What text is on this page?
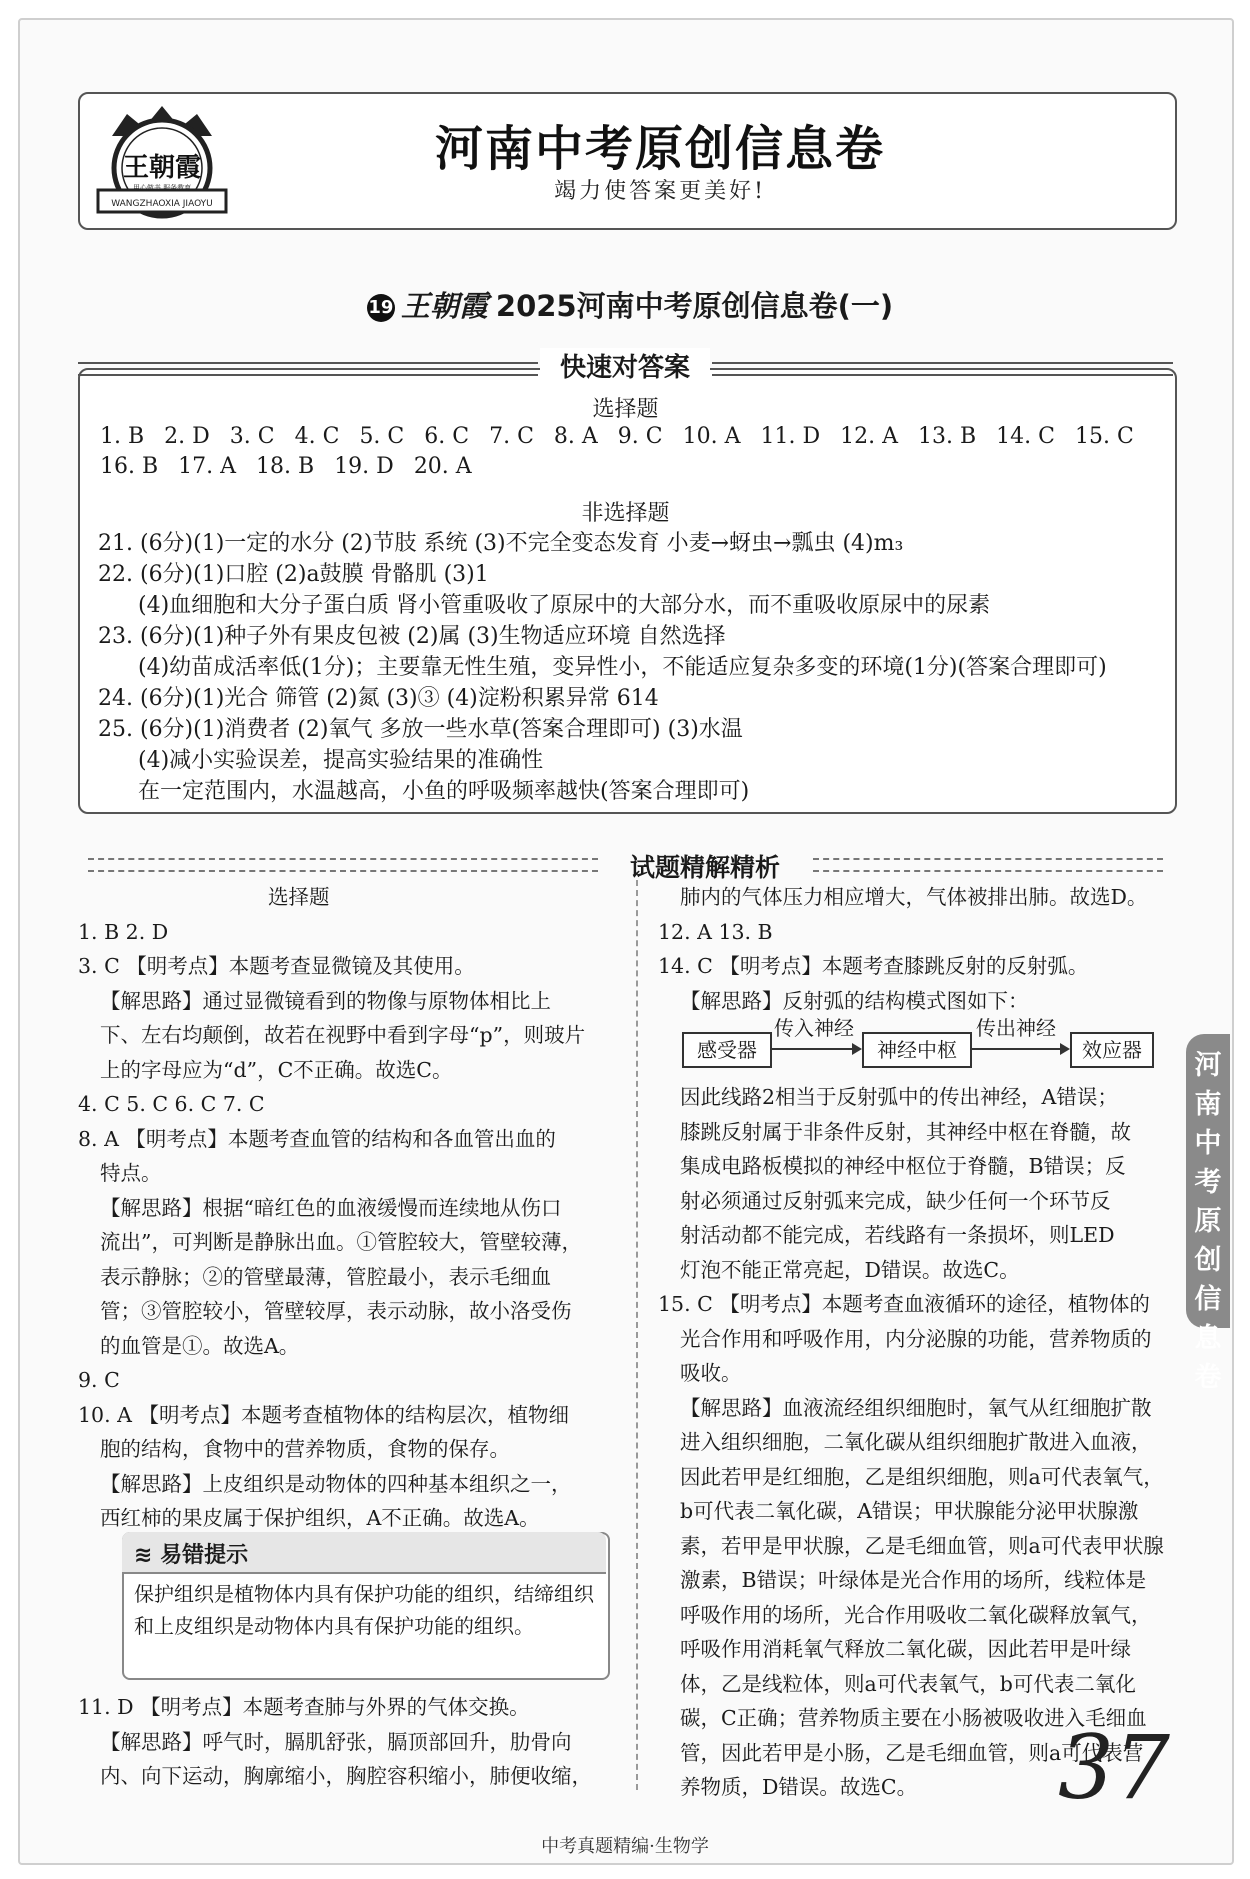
WANGZHAOXIA JIAOYU
王朝霞
用心做书 服务教育
河南中考原创信息卷
竭力使答案更美好!
19 王朝霞 2025河南中考原创信息卷(一)
快速对答案
选择题
1. B 2. D 3. C 4. C 5. C 6. C 7. C 8. A 9. C 10. A 11. D 12. A 13. B 14. C 15. C
16. B 17. A 18. B 19. D 20. A
非选择题
21. (6分)(1)一定的水分 (2)节肢 系统 (3)不完全变态发育 小麦→蚜虫→瓢虫 (4)m₃
22. (6分)(1)口腔 (2)a鼓膜 骨骼肌 (3)1
(4)血细胞和大分子蛋白质 肾小管重吸收了原尿中的大部分水，而不重吸收原尿中的尿素
23. (6分)(1)种子外有果皮包被 (2)属 (3)生物适应环境 自然选择
(4)幼苗成活率低(1分)；主要靠无性生殖，变异性小，不能适应复杂多变的环境(1分)(答案合理即可)
24. (6分)(1)光合 筛管 (2)氮 (3)③ (4)淀粉积累异常 614
25. (6分)(1)消费者 (2)氧气 多放一些水草(答案合理即可) (3)水温
(4)减小实验误差，提高实验结果的准确性
在一定范围内，水温越高，小鱼的呼吸频率越快(答案合理即可)
试题精解精析

选择题

1. B 2. D

3. C 【明考点】本题考查显微镜及其使用。

【解思路】通过显微镜看到的物像与原物体相比上

下、左右均颠倒，故若在视野中看到字母“p”，则玻片

上的字母应为“d”，C不正确。故选C。

4. C 5. C 6. C 7. C

8. A 【明考点】本题考查血管的结构和各血管出血的

特点。

【解思路】根据“暗红色的血液缓慢而连续地从伤口

流出”，可判断是静脉出血。①管腔较大，管壁较薄，

表示静脉；②的管壁最薄，管腔最小，表示毛细血

管；③管腔较小，管壁较厚，表示动脉，故小洛受伤

的血管是①。故选A。

9. C

10. A 【明考点】本题考查植物体的结构层次，植物细

胞的结构，食物中的营养物质，食物的保存。

【解思路】上皮组织是动物体的四种基本组织之一，

西红柿的果皮属于保护组织，A不正确。故选A。

≋ 易错提示
保护组织是植物体内具有保护功能的组织，结缔组织和上皮组织是动物体内具有保护功能的组织。

11. D 【明考点】本题考查肺与外界的气体交换。

【解思路】呼气时，膈肌舒张，膈顶部回升，肋骨向

内、向下运动，胸廓缩小，胸腔容积缩小，肺便收缩，

肺内的气体压力相应增大，气体被排出肺。故选D。

12. A 13. B

14. C 【明考点】本题考查膝跳反射的反射弧。

【解思路】反射弧的结构模式图如下：

感受器
传入神经
神经中枢
传出神经
效应器

因此线路2相当于反射弧中的传出神经，A错误；

膝跳反射属于非条件反射，其神经中枢在脊髓，故

集成电路板模拟的神经中枢位于脊髓，B错误；反

射必须通过反射弧来完成，缺少任何一个环节反

射活动都不能完成，若线路有一条损坏，则LED

灯泡不能正常亮起，D错误。故选C。

15. C 【明考点】本题考查血液循环的途径，植物体的

光合作用和呼吸作用，内分泌腺的功能，营养物质的

吸收。

【解思路】血液流经组织细胞时，氧气从红细胞扩散

进入组织细胞，二氧化碳从组织细胞扩散进入血液，

因此若甲是红细胞，乙是组织细胞，则a可代表氧气，

b可代表二氧化碳，A错误；甲状腺能分泌甲状腺激

素，若甲是甲状腺，乙是毛细血管，则a可代表甲状腺

激素，B错误；叶绿体是光合作用的场所，线粒体是

呼吸作用的场所，光合作用吸收二氧化碳释放氧气，

呼吸作用消耗氧气释放二氧化碳，因此若甲是叶绿

体，乙是线粒体，则a可代表氧气，b可代表二氧化

碳，C正确；营养物质主要在小肠被吸收进入毛细血

管，因此若甲是小肠，乙是毛细血管，则a可代表营

养物质，D错误。故选C。

河南中考原创信息卷
37
中考真题精编·生物学
